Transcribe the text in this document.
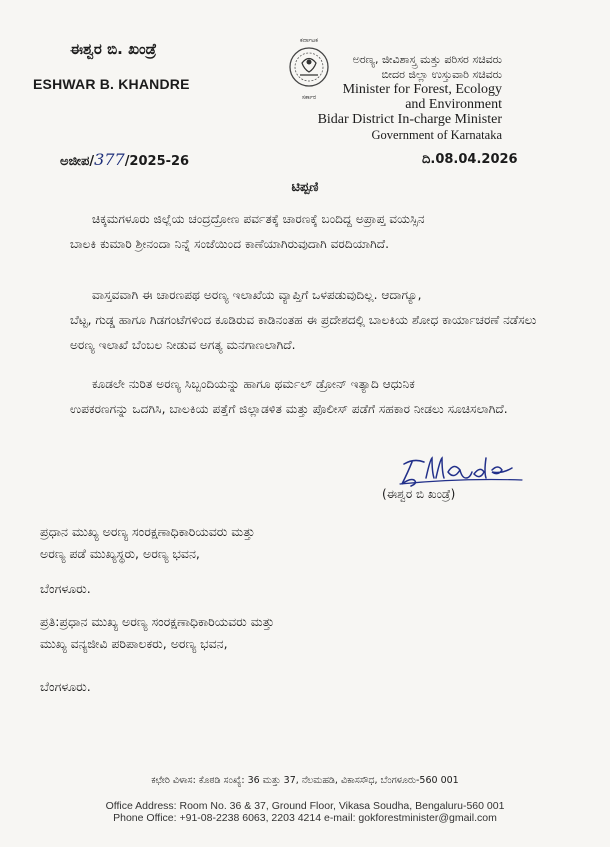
ಈಶ್ವರ ಬಿ. ಖಂಡ್ರೆ
ESHWAR B. KHANDRE
ಕರ್ನಾಟಕ
ಸರ್ಕಾರ
ಅರಣ್ಯ, ಜೀವಿಶಾಸ್ತ್ರ ಮತ್ತು ಪರಿಸರ ಸಚಿವರು
ಬೀದರ ಜಿಲ್ಲಾ ಉಸ್ತುವಾರಿ ಸಚಿವರು
Minister for Forest, Ecology
and Environment
Bidar District In-charge Minister
Government of Karnataka
ಅಜೀಪ/377/2025-26	ದಿ.08.04.2026
ಟಿಪ್ಪಣಿ
ಚಿಕ್ಕಮಗಳೂರು ಜಿಲ್ಲೆಯ ಚಂದ್ರದ್ರೋಣ ಪರ್ವತಕ್ಕೆ ಚಾರಣಕ್ಕೆ ಬಂದಿದ್ದ ಅಪ್ರಾಪ್ತ ವಯಸ್ಸಿನ
ಬಾಲಕಿ ಕುಮಾರಿ ಶ್ರೀನಂದಾ ನಿನ್ನೆ ಸಂಜೆಯಿಂದ ಕಾಣೆಯಾಗಿರುವುದಾಗಿ ವರದಿಯಾಗಿದೆ.
ವಾಸ್ತವವಾಗಿ ಈ ಚಾರಣಪಥ ಅರಣ್ಯ ಇಲಾಖೆಯ ವ್ಯಾಪ್ತಿಗೆ ಒಳಪಡುವುದಿಲ್ಲ. ಆದಾಗ್ಯೂ,
ಬೆಟ್ಟ, ಗುಡ್ಡ ಹಾಗೂ ಗಿಡಗಂಟೆಗಳಿಂದ ಕೂಡಿರುವ ಕಾಡಿನಂತಹ ಈ ಪ್ರದೇಶದಲ್ಲಿ ಬಾಲಕಿಯ ಶೋಧ ಕಾರ್ಯಾಚರಣೆ ನಡೆಸಲು ಅರಣ್ಯ ಇಲಾಖೆ ಬೆಂಬಲ ನೀಡುವ ಅಗತ್ಯ ಮನಗಾಣಲಾಗಿದೆ.
ಕೂಡಲೇ ನುರಿತ ಅರಣ್ಯ ಸಿಬ್ಬಂದಿಯನ್ನು ಹಾಗೂ ಥರ್ಮಲ್ ಡ್ರೋನ್ ಇತ್ಯಾದಿ ಆಧುನಿಕ
ಉಪಕರಣಗನ್ನು ಒದಗಿಸಿ, ಬಾಲಕಿಯ ಪತ್ತೆಗೆ ಜಿಲ್ಲಾಡಳಿತ ಮತ್ತು ಪೊಲೀಸ್ ಪಡೆಗೆ ಸಹಕಾರ ನೀಡಲು ಸೂಚಿಸಲಾಗಿದೆ.
(ಈಶ್ವರ ಬಿ ಖಂಡ್ರೆ)
ಪ್ರಧಾನ ಮುಖ್ಯ ಅರಣ್ಯ ಸಂರಕ್ಷಣಾಧಿಕಾರಿಯವರು ಮತ್ತು
ಅರಣ್ಯ ಪಡೆ ಮುಖ್ಯಸ್ಥರು, ಅರಣ್ಯ ಭವನ,
ಬೆಂಗಳೂರು.
ಪ್ರತಿ:ಪ್ರಧಾನ ಮುಖ್ಯ ಅರಣ್ಯ ಸಂರಕ್ಷಣಾಧಿಕಾರಿಯವರು ಮತ್ತು
ಮುಖ್ಯ ವನ್ಯಜೀವಿ ಪರಿಪಾಲಕರು, ಅರಣ್ಯ ಭವನ,
ಬೆಂಗಳೂರು.
ಕಛೇರಿ ವಿಳಾಸ: ಕೊಠಡಿ ಸಂಖ್ಯೆ: 36 ಮತ್ತು 37, ನೆಲಮಹಡಿ, ವಿಕಾಸಸೌಧ, ಬೆಂಗಳೂರು-560 001
Office Address: Room No. 36 & 37, Ground Floor, Vikasa Soudha, Bengaluru-560 001
Phone Office: +91-08-2238 6063, 2203 4214 e-mail: gokforestminister@gmail.com
